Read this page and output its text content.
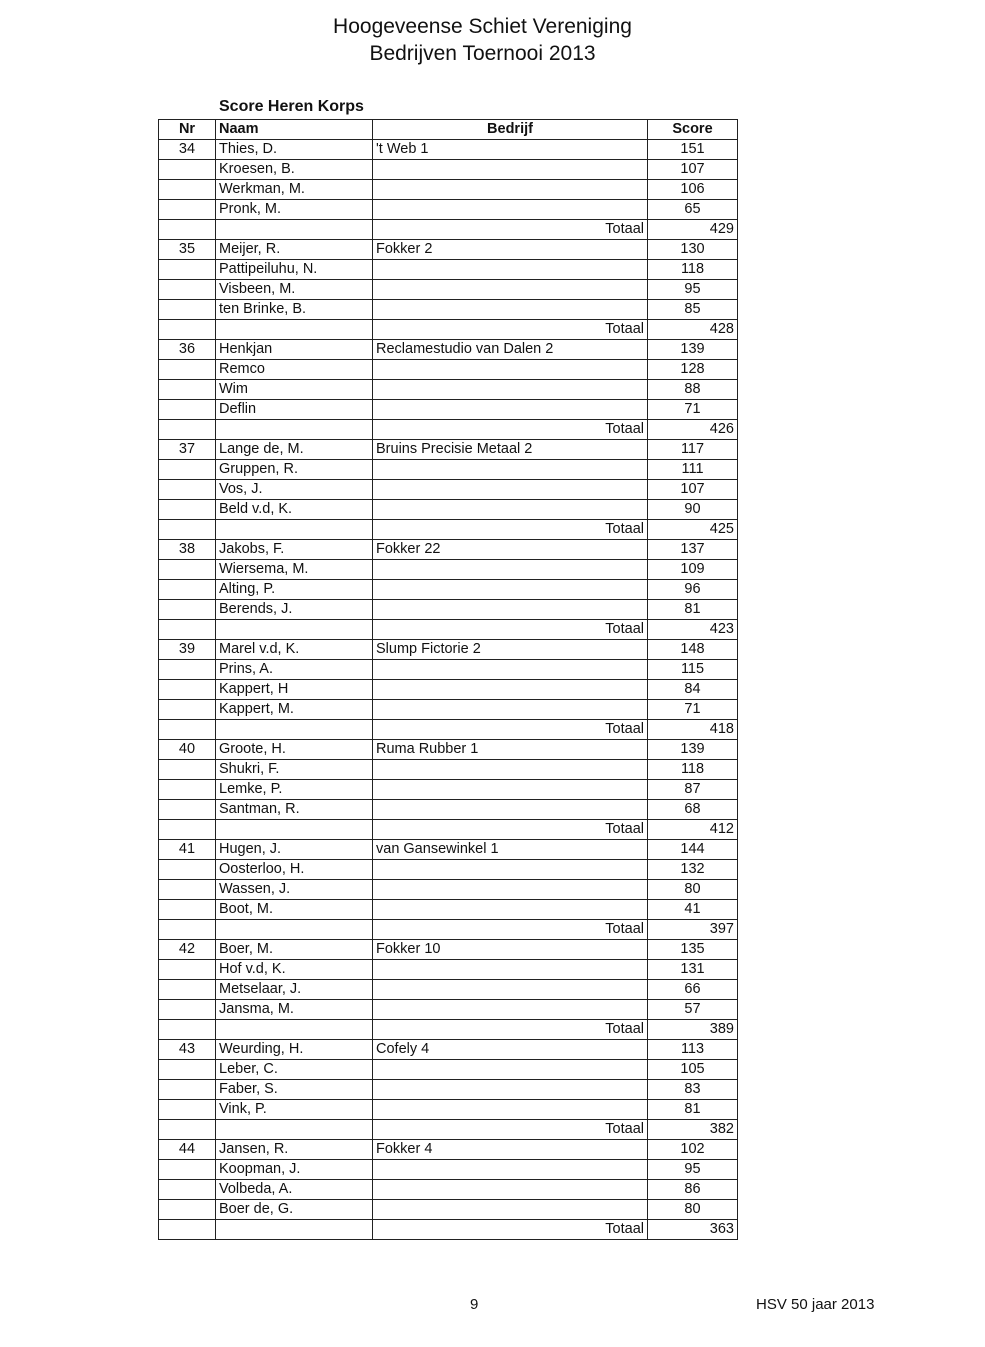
Hoogeveense Schiet Vereniging
Bedrijven Toernooi 2013
Score Heren Korps
Nr	Naam	Bedrijf	Score
34	Thies, D.	't Web 1	151
	Kroesen, B.		107
	Werkman, M.		106
	Pronk, M.		65
		Totaal	429
35	Meijer, R.	Fokker 2	130
	Pattipeiluhu, N.		118
	Visbeen, M.		95
	ten Brinke, B.		85
		Totaal	428
36	Henkjan	Reclamestudio van Dalen 2	139
	Remco		128
	Wim		88
	Deflin		71
		Totaal	426
37	Lange de, M.	Bruins Precisie Metaal 2	117
	Gruppen, R.		111
	Vos, J.		107
	Beld v.d, K.		90
		Totaal	425
38	Jakobs, F.	Fokker 22	137
	Wiersema, M.		109
	Alting, P.		96
	Berends, J.		81
		Totaal	423
39	Marel v.d, K.	Slump Fictorie 2	148
	Prins, A.		115
	Kappert, H		84
	Kappert, M.		71
		Totaal	418
40	Groote, H.	Ruma Rubber 1	139
	Shukri, F.		118
	Lemke, P.		87
	Santman, R.		68
		Totaal	412
41	Hugen, J.	van Gansewinkel 1	144
	Oosterloo, H.		132
	Wassen, J.		80
	Boot, M.		41
		Totaal	397
42	Boer, M.	Fokker 10	135
	Hof v.d, K.		131
	Metselaar, J.		66
	Jansma, M.		57
		Totaal	389
43	Weurding, H.	Cofely 4	113
	Leber, C.		105
	Faber, S.		83
	Vink, P.		81
		Totaal	382
44	Jansen, R.	Fokker 4	102
	Koopman, J.		95
	Volbeda, A.		86
	Boer de, G.		80
		Totaal	363
9	HSV 50 jaar 2013
